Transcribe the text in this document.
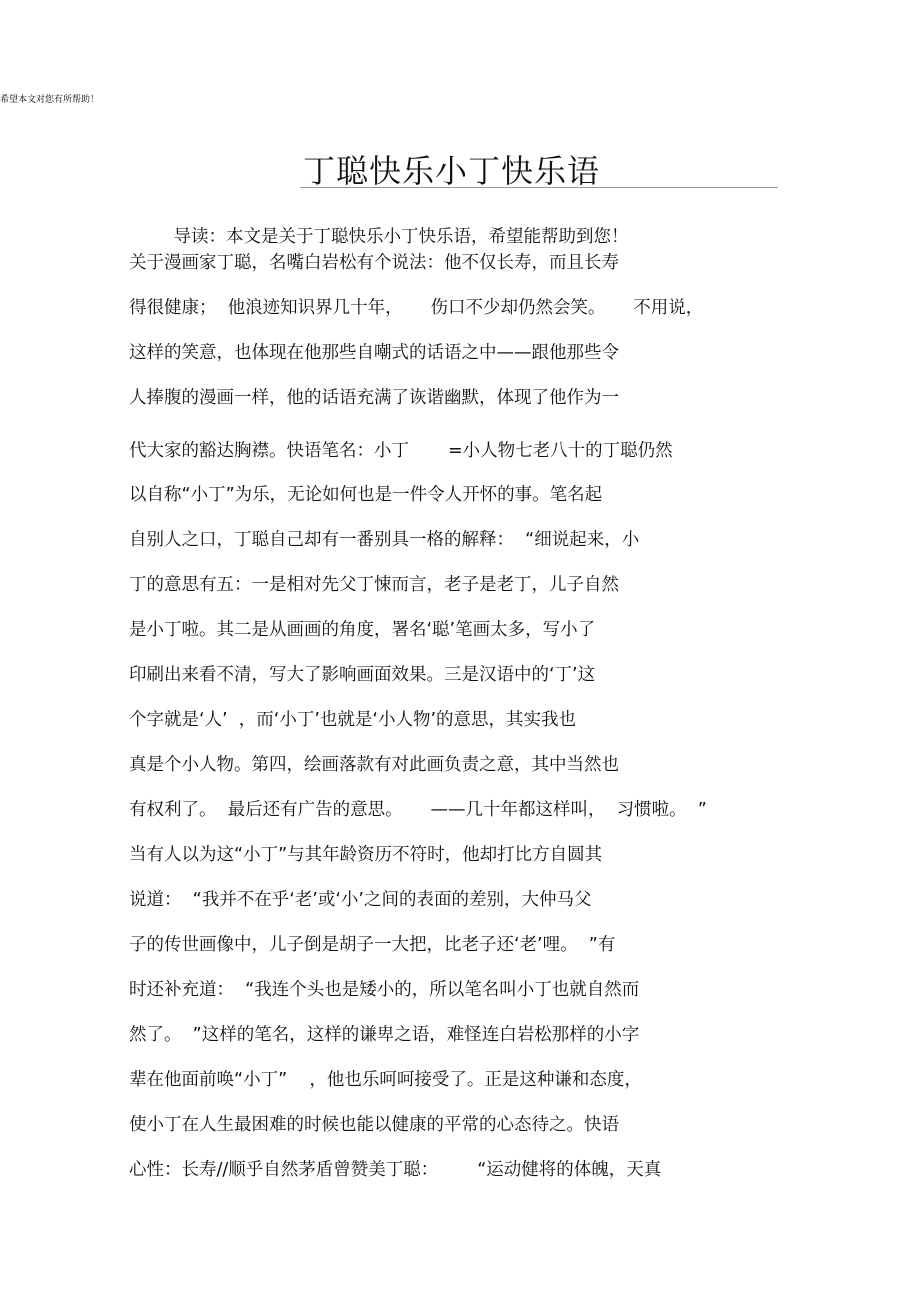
希望本文对您有所帮助！
丁聪快乐小丁快乐语
导读：本文是关于丁聪快乐小丁快乐语，希望能帮助到您！
关于漫画家丁聪，名嘴白岩松有个说法：他不仅长寿，而且长寿
得很健康；  他浪迹知识界几十年，     伤口不少却仍然会笑。     不用说，
这样的笑意，也体现在他那些自嘲式的话语之中——跟他那些令
人捧腹的漫画一样，他的话语充满了诙谐幽默，体现了他作为一
代大家的豁达胸襟。快语笔名：小丁       =小人物七老八十的丁聪仍然
以自称“小丁”为乐，无论如何也是一件令人开怀的事。笔名起
自别人之口，丁聪自己却有一番别具一格的解释：  “细说起来，小
丁的意思有五：一是相对先父丁悚而言，老子是老丁，儿子自然
是小丁啦。其二是从画画的角度，署名‘聪’笔画太多，写小了
印刷出来看不清，写大了影响画面效果。三是汉语中的‘丁’这
个字就是‘人’  ，而‘小丁’也就是‘小人物’的意思，其实我也
真是个小人物。第四，绘画落款有对此画负责之意，其中当然也
有权利了。  最后还有广告的意思。     ——几十年都这样叫，  习惯啦。  ”
当有人以为这“小丁”与其年龄资历不符时，他却打比方自圆其
说道：  “我并不在乎‘老’或‘小’之间的表面的差别，大仲马父
子的传世画像中，儿子倒是胡子一大把，比老子还‘老’哩。  ”有
时还补充道：  “我连个头也是矮小的，所以笔名叫小丁也就自然而
然了。  ”这样的笔名，这样的谦卑之语，难怪连白岩松那样的小字
辈在他面前唤“小丁”    ，他也乐呵呵接受了。正是这种谦和态度，
使小丁在人生最困难的时候也能以健康的平常的心态待之。快语
心性：长寿//顺乎自然茅盾曾赞美丁聪：       “运动健将的体魄，天真
